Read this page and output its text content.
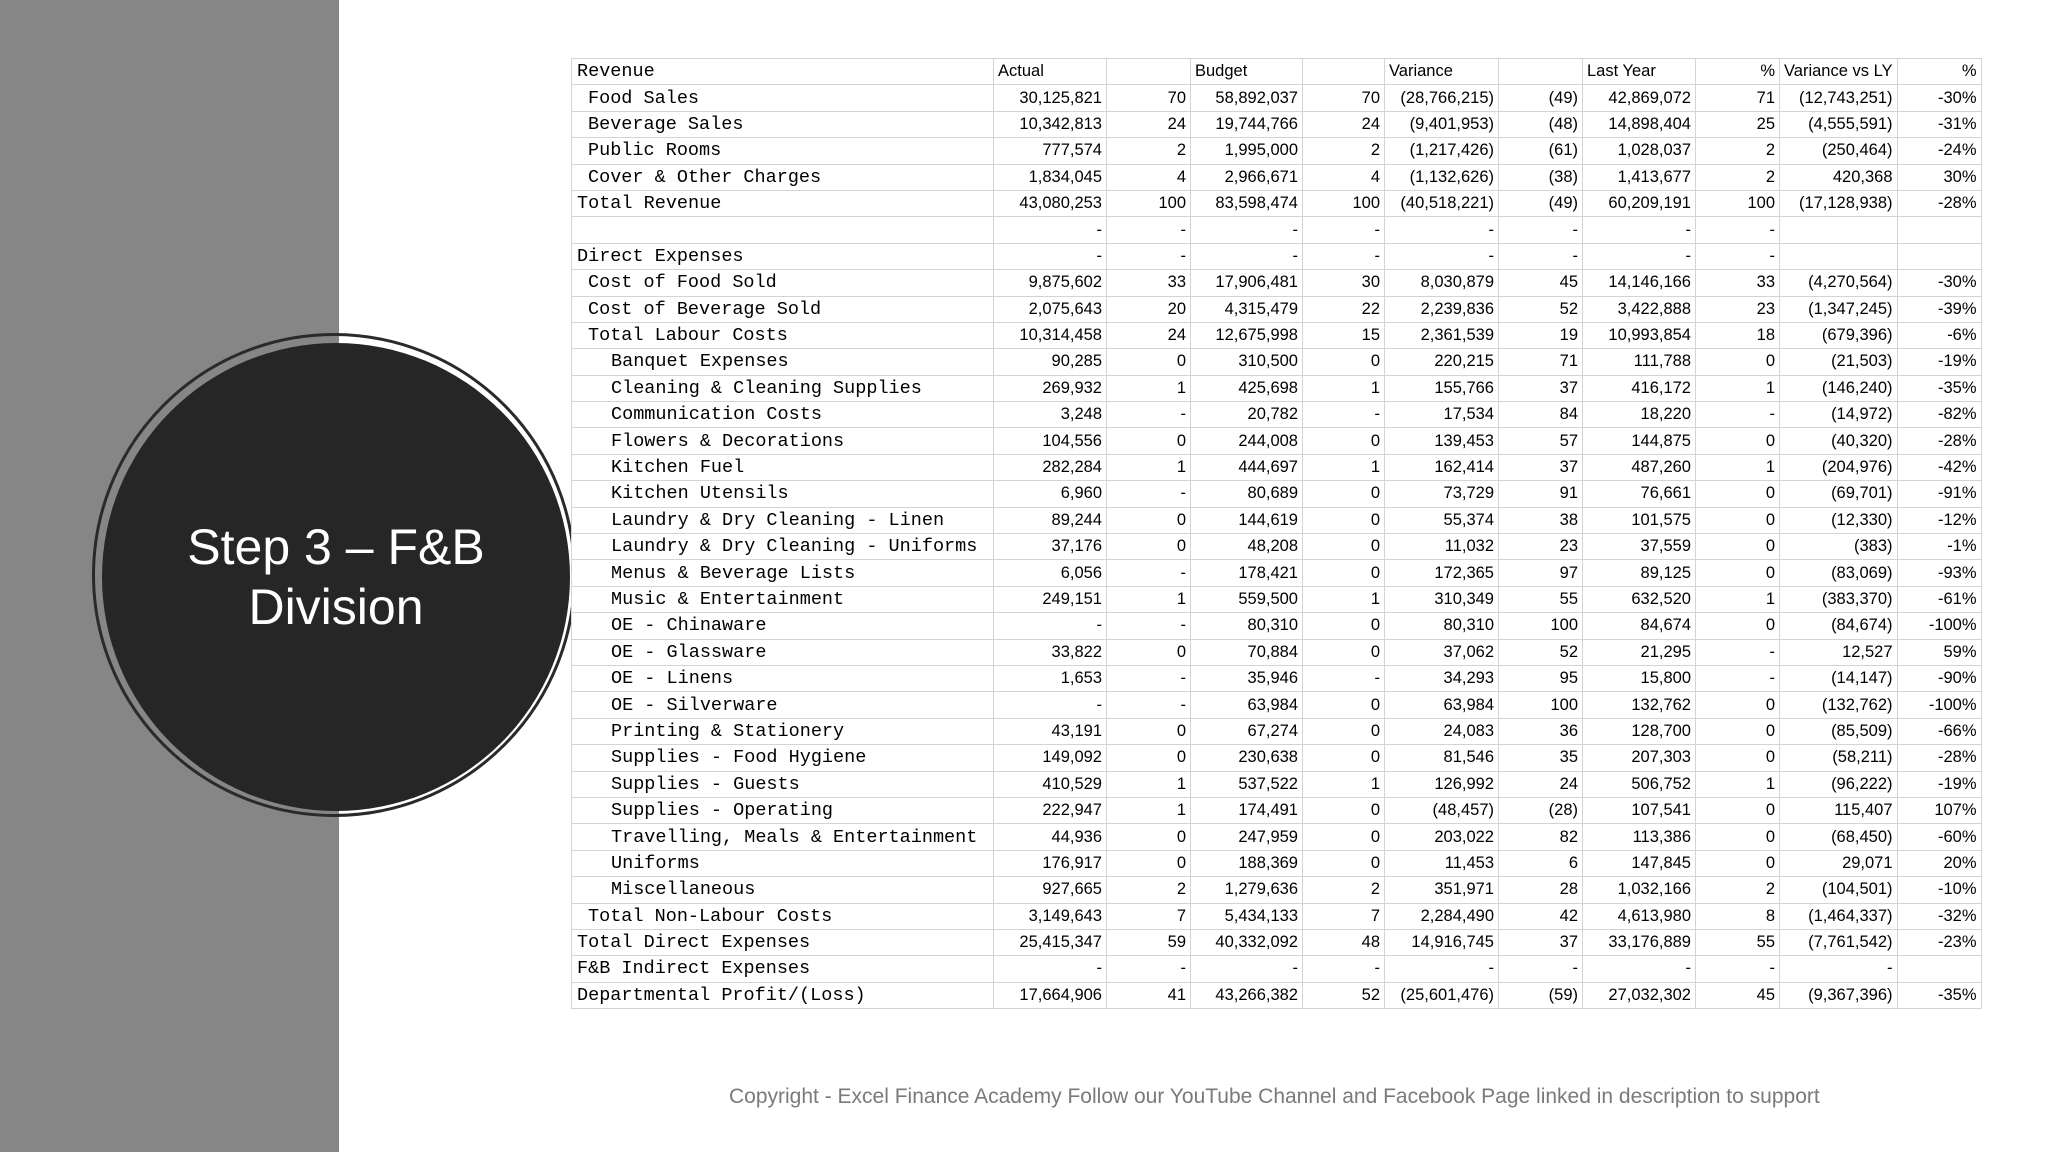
Step 3 – F&B Division
Revenue	Actual		Budget		Variance		Last Year	%	Variance vs LY	%
Food Sales	30,125,821	70	58,892,037	70	(28,766,215)	(49)	42,869,072	71	(12,743,251)	-30%
Beverage Sales	10,342,813	24	19,744,766	24	(9,401,953)	(48)	14,898,404	25	(4,555,591)	-31%
Public Rooms	777,574	2	1,995,000	2	(1,217,426)	(61)	1,028,037	2	(250,464)	-24%
Cover & Other Charges	1,834,045	4	2,966,671	4	(1,132,626)	(38)	1,413,677	2	420,368	30%
Total Revenue	43,080,253	100	83,598,474	100	(40,518,221)	(49)	60,209,191	100	(17,128,938)	-28%
	-	-	-	-	-	-	-	-		
Direct Expenses	-	-	-	-	-	-	-	-		
Cost of Food Sold	9,875,602	33	17,906,481	30	8,030,879	45	14,146,166	33	(4,270,564)	-30%
Cost of Beverage Sold	2,075,643	20	4,315,479	22	2,239,836	52	3,422,888	23	(1,347,245)	-39%
Total Labour Costs	10,314,458	24	12,675,998	15	2,361,539	19	10,993,854	18	(679,396)	-6%
Banquet Expenses	90,285	0	310,500	0	220,215	71	111,788	0	(21,503)	-19%
Cleaning & Cleaning Supplies	269,932	1	425,698	1	155,766	37	416,172	1	(146,240)	-35%
Communication Costs	3,248	-	20,782	-	17,534	84	18,220	-	(14,972)	-82%
Flowers & Decorations	104,556	0	244,008	0	139,453	57	144,875	0	(40,320)	-28%
Kitchen Fuel	282,284	1	444,697	1	162,414	37	487,260	1	(204,976)	-42%
Kitchen Utensils	6,960	-	80,689	0	73,729	91	76,661	0	(69,701)	-91%
Laundry & Dry Cleaning - Linen	89,244	0	144,619	0	55,374	38	101,575	0	(12,330)	-12%
Laundry & Dry Cleaning - Uniforms	37,176	0	48,208	0	11,032	23	37,559	0	(383)	-1%
Menus & Beverage Lists	6,056	-	178,421	0	172,365	97	89,125	0	(83,069)	-93%
Music & Entertainment	249,151	1	559,500	1	310,349	55	632,520	1	(383,370)	-61%
OE - Chinaware	-	-	80,310	0	80,310	100	84,674	0	(84,674)	-100%
OE - Glassware	33,822	0	70,884	0	37,062	52	21,295	-	12,527	59%
OE - Linens	1,653	-	35,946	-	34,293	95	15,800	-	(14,147)	-90%
OE - Silverware	-	-	63,984	0	63,984	100	132,762	0	(132,762)	-100%
Printing & Stationery	43,191	0	67,274	0	24,083	36	128,700	0	(85,509)	-66%
Supplies - Food Hygiene	149,092	0	230,638	0	81,546	35	207,303	0	(58,211)	-28%
Supplies - Guests	410,529	1	537,522	1	126,992	24	506,752	1	(96,222)	-19%
Supplies - Operating	222,947	1	174,491	0	(48,457)	(28)	107,541	0	115,407	107%
Travelling, Meals & Entertainment	44,936	0	247,959	0	203,022	82	113,386	0	(68,450)	-60%
Uniforms	176,917	0	188,369	0	11,453	6	147,845	0	29,071	20%
Miscellaneous	927,665	2	1,279,636	2	351,971	28	1,032,166	2	(104,501)	-10%
Total Non-Labour Costs	3,149,643	7	5,434,133	7	2,284,490	42	4,613,980	8	(1,464,337)	-32%
Total Direct Expenses	25,415,347	59	40,332,092	48	14,916,745	37	33,176,889	55	(7,761,542)	-23%
F&B Indirect Expenses	-	-	-	-	-	-	-	-	-	
Departmental Profit/(Loss)	17,664,906	41	43,266,382	52	(25,601,476)	(59)	27,032,302	45	(9,367,396)	-35%
Copyright - Excel Finance Academy Follow our YouTube Channel and Facebook Page linked in description to support
